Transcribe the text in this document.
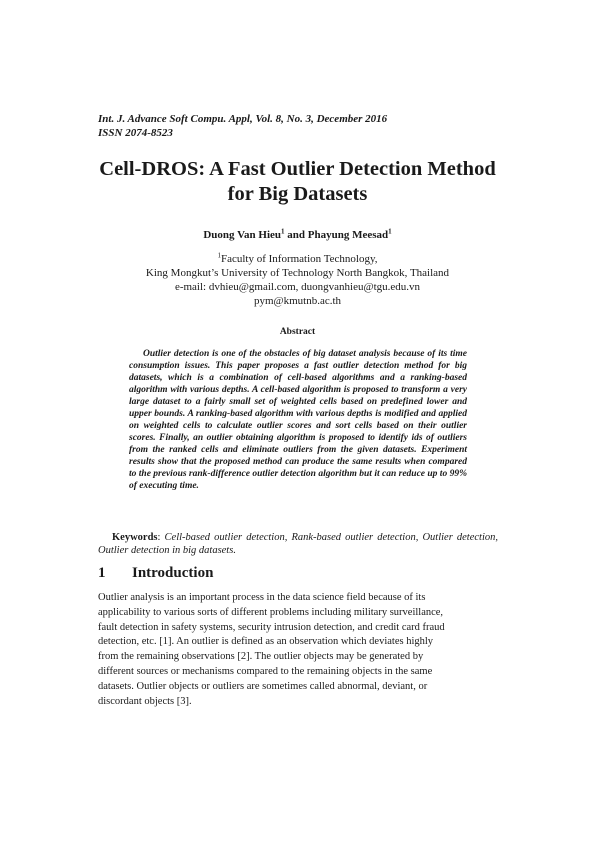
Int. J. Advance Soft Compu. Appl, Vol. 8, No. 3, December 2016
ISSN 2074-8523
Cell-DROS: A Fast Outlier Detection Method
for Big Datasets
Duong Van Hieu$^1$ and Phayung Meesad$^1$
$^1$Faculty of Information Technology,
King Mongkut’s University of Technology North Bangkok, Thailand
e-mail: dvhieu@gmail.com, duongvanhieu@tgu.edu.vn
pym@kmutnb.ac.th
Abstract
Outlier detection is one of the obstacles of big dataset analysis because of its time consumption issues. This paper proposes a fast outlier detection method for big datasets, which is a combination of cell-based algorithms and a ranking-based algorithm with various depths. A cell-based algorithm is proposed to transform a very large dataset to a fairly small set of weighted cells based on predefined lower and upper bounds. A ranking-based algorithm with various depths is modified and applied on weighted cells to calculate outlier scores and sort cells based on their outlier scores. Finally, an outlier obtaining algorithm is proposed to identify ids of outliers from the ranked cells and eliminate outliers from the given datasets. Experiment results show that the proposed method can produce the same results when compared to the previous rank-difference outlier detection algorithm but it can reduce up to 99% of executing time.
Keywords: Cell-based outlier detection, Rank-based outlier detection, Outlier detection, Outlier detection in big datasets.
1 Introduction
Outlier analysis is an important process in the data science field because of its
applicability to various sorts of different problems including military surveillance,
fault detection in safety systems, security intrusion detection, and credit card fraud
detection, etc. [1]. An outlier is defined as an observation which deviates highly
from the remaining observations [2]. The outlier objects may be generated by
different sources or mechanisms compared to the remaining objects in the same
datasets. Outlier objects or outliers are sometimes called abnormal, deviant, or
discordant objects [3].
